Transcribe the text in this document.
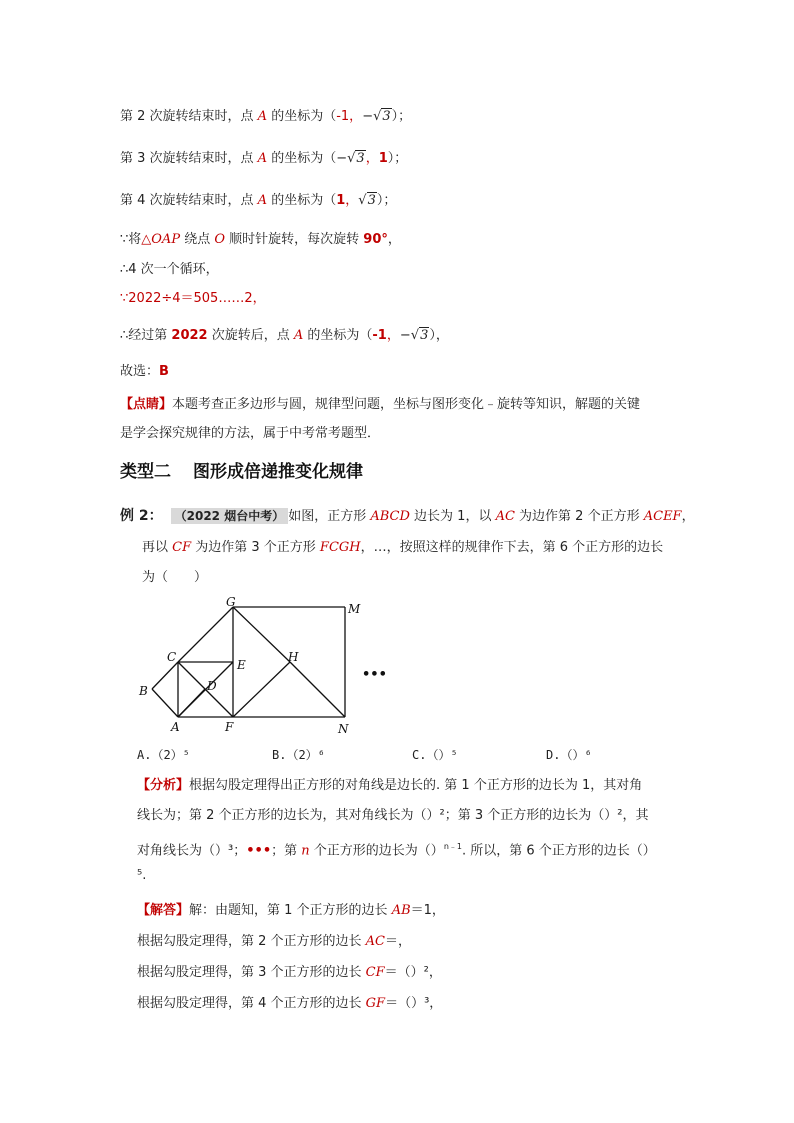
第 2 次旋转结束时，点 A 的坐标为（-1，−√3）；
第 3 次旋转结束时，点 A 的坐标为（−√3，1）；
第 4 次旋转结束时，点 A 的坐标为（1，√3）；
∵将△OAP 绕点 O 顺时针旋转，每次旋转 90°，
∴4 次一个循环，
∵2022÷4＝505……2，
∴经过第 2022 次旋转后，点 A 的坐标为（-1，−√3），
故选：B
【点睛】本题考查正多边形与圆，规律型问题，坐标与图形变化﹣旋转等知识，解题的关键
是学会探究规律的方法，属于中考常考题型．
类型二 图形成倍递推变化规律
例 2： （2022 烟台中考） 如图，正方形 ABCD 边长为 1，以 AC 为边作第 2 个正方形 ACEF，
再以 CF 为边作第 3 个正方形 FCGH，…，按照这样的规律作下去，第 6 个正方形的边长
为（　　）
G	M
C
E
H
B	D
A	F	N
•••
A.（2）⁵	B.（2）⁶	C.（）⁵	D.（）⁶
【分析】根据勾股定理得出正方形的对角线是边长的. 第 1 个正方形的边长为 1，其对角
线长为；第 2 个正方形的边长为，其对角线长为（）²；第 3 个正方形的边长为（）²，其
对角线长为（）³；•••；第 n 个正方形的边长为（）$^{n﹣1}$. 所以，第 6 个正方形的边长（）
⁵.
【解答】解：由题知，第 1 个正方形的边长 AB＝1，
根据勾股定理得，第 2 个正方形的边长 AC＝，
根据勾股定理得，第 3 个正方形的边长 CF＝（）²，
根据勾股定理得，第 4 个正方形的边长 GF＝（）³，
